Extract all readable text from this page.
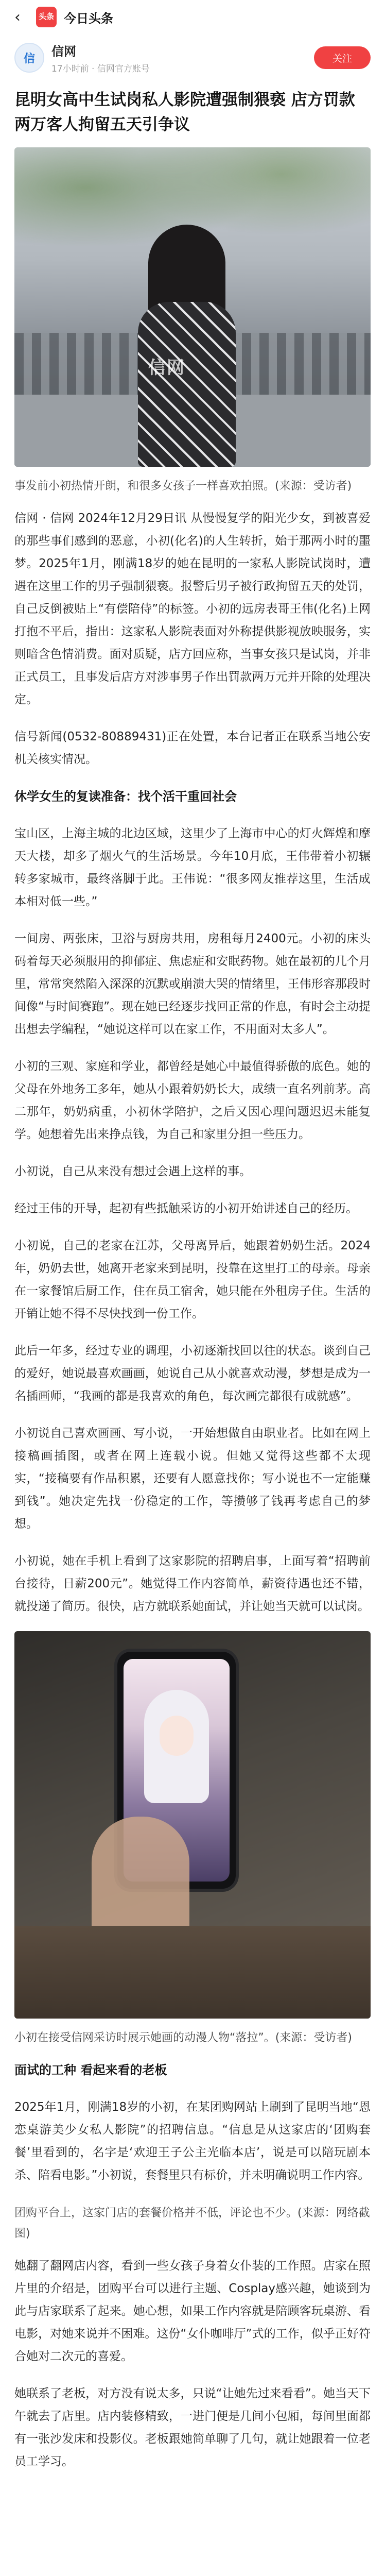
‹	头条 今日头条
信	信网
17小时前 · 信网官方账号
关注
昆明女高中生试岗私人影院遭强制猥亵 店方罚款两万客人拘留五天引争议
信网
事发前小初热情开朗，和很多女孩子一样喜欢拍照。(来源：受访者)
信网 · 信网 2024年12月29日讯 从慢慢复学的阳光少女，到被喜爱的那些事们感到的恶意，小初(化名)的人生转折，始于那两小时的噩梦。2025年1月，刚满18岁的她在昆明的一家私人影院试岗时，遭遇在这里工作的男子强制猥亵。报警后男子被行政拘留五天的处罚，自己反倒被贴上“有偿陪侍”的标签。小初的远房表哥王伟(化名)上网打抱不平后，指出：这家私人影院表面对外称提供影视放映服务，实则暗含色情消费。面对质疑，店方回应称，当事女孩只是试岗，并非正式员工，且事发后店方对涉事男子作出罚款两万元并开除的处理决定。
信号新闻(0532-80889431)正在处置，本台记者正在联系当地公安机关核实情况。
休学女生的复读准备：找个活干重回社会
宝山区，上海主城的北边区域，这里少了上海市中心的灯火辉煌和摩天大楼，却多了烟火气的生活场景。今年10月底，王伟带着小初辗转多家城市，最终落脚于此。王伟说：“很多网友推荐这里，生活成本相对低一些。”
一间房、两张床，卫浴与厨房共用，房租每月2400元。小初的床头码着每天必须服用的抑郁症、焦虑症和安眠药物。她在最初的几个月里，常常突然陷入深深的沉默或崩溃大哭的情绪里，王伟形容那段时间像“与时间赛跑”。现在她已经逐步找回正常的作息，有时会主动提出想去学编程，“她说这样可以在家工作，不用面对太多人”。
小初的三观、家庭和学业，都曾经是她心中最值得骄傲的底色。她的父母在外地务工多年，她从小跟着奶奶长大，成绩一直名列前茅。高二那年，奶奶病重，小初休学陪护，之后又因心理问题迟迟未能复学。她想着先出来挣点钱，为自己和家里分担一些压力。
小初说，自己从来没有想过会遇上这样的事。
经过王伟的开导，起初有些抵触采访的小初开始讲述自己的经历。
小初说，自己的老家在江苏，父母离异后，她跟着奶奶生活。2024年，奶奶去世，她离开老家来到昆明，投靠在这里打工的母亲。母亲在一家餐馆后厨工作，住在员工宿舍，她只能在外租房子住。生活的开销让她不得不尽快找到一份工作。
此后一年多，经过专业的调理，小初逐渐找回以往的状态。谈到自己的爱好，她说最喜欢画画，她说自己从小就喜欢动漫，梦想是成为一名插画师，“我画的都是我喜欢的角色，每次画完都很有成就感”。
小初说自己喜欢画画、写小说，一开始想做自由职业者。比如在网上接稿画插图，或者在网上连载小说。但她又觉得这些都不太现实，“接稿要有作品积累，还要有人愿意找你；写小说也不一定能赚到钱”。她决定先找一份稳定的工作，等攒够了钱再考虑自己的梦想。
小初说，她在手机上看到了这家影院的招聘启事，上面写着“招聘前台接待，日薪200元”。她觉得工作内容简单，薪资待遇也还不错，就投递了简历。很快，店方就联系她面试，并让她当天就可以试岗。
小初在接受信网采访时展示她画的动漫人物“落拉”。(来源：受访者)
面试的工种 看起来看的老板
2025年1月，刚满18岁的小初，在某团购网站上刷到了昆明当地“恩恋桌游美少女私人影院”的招聘信息。“信息是从这家店的‘团购套餐’里看到的，名字是‘欢迎王子公主光临本店’，说是可以陪玩剧本杀、陪看电影。”小初说，套餐里只有标价，并未明确说明工作内容。
团购平台上，这家门店的套餐价格并不低，评论也不少。(来源：网络截图)
她翻了翻网店内容，看到一些女孩子身着女仆装的工作照。店家在照片里的介绍是，团购平台可以进行主题、Cosplay感兴趣，她谈到为此与店家联系了起来。她心想，如果工作内容就是陪顾客玩桌游、看电影，对她来说并不困难。这份“女仆咖啡厅”式的工作，似乎正好符合她对二次元的喜爱。
她联系了老板，对方没有说太多，只说“让她先过来看看”。她当天下午就去了店里。店内装修精致，一进门便是几间小包厢，每间里面都有一张沙发床和投影仪。老板跟她简单聊了几句，就让她跟着一位老员工学习。
